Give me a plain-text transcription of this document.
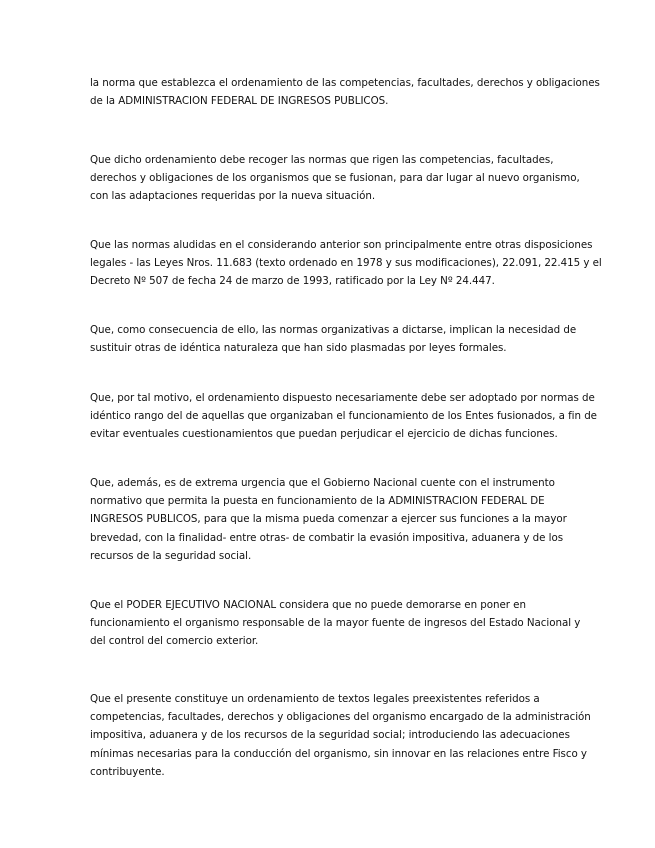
la norma que establezca el ordenamiento de las competencias, facultades, derechos y obligaciones
de la ADMINISTRACION FEDERAL DE INGRESOS PUBLICOS.

Que dicho ordenamiento debe recoger las normas que rigen las competencias, facultades,
derechos y obligaciones de los organismos que se fusionan, para dar lugar al nuevo organismo,
con las adaptaciones requeridas por la nueva situación.

Que las normas aludidas en el considerando anterior son principalmente entre otras disposiciones
legales - las Leyes Nros. 11.683 (texto ordenado en 1978 y sus modificaciones), 22.091, 22.415 y el
Decreto Nº 507 de fecha 24 de marzo de 1993, ratificado por la Ley Nº 24.447.

Que, como consecuencia de ello, las normas organizativas a dictarse, implican la necesidad de
sustituir otras de idéntica naturaleza que han sido plasmadas por leyes formales.

Que, por tal motivo, el ordenamiento dispuesto necesariamente debe ser adoptado por normas de
idéntico rango del de aquellas que organizaban el funcionamiento de los Entes fusionados, a fin de
evitar eventuales cuestionamientos que puedan perjudicar el ejercicio de dichas funciones.

Que, además, es de extrema urgencia que el Gobierno Nacional cuente con el instrumento
normativo que permita la puesta en funcionamiento de la ADMINISTRACION FEDERAL DE
INGRESOS PUBLICOS, para que la misma pueda comenzar a ejercer sus funciones a la mayor
brevedad, con la finalidad- entre otras- de combatir la evasión impositiva, aduanera y de los
recursos de la seguridad social.

Que el PODER EJECUTIVO NACIONAL considera que no puede demorarse en poner en
funcionamiento el organismo responsable de la mayor fuente de ingresos del Estado Nacional y
del control del comercio exterior.

Que el presente constituye un ordenamiento de textos legales preexistentes referidos a
competencias, facultades, derechos y obligaciones del organismo encargado de la administración
impositiva, aduanera y de los recursos de la seguridad social; introduciendo las adecuaciones
mínimas necesarias para la conducción del organismo, sin innovar en las relaciones entre Fisco y
contribuyente.
